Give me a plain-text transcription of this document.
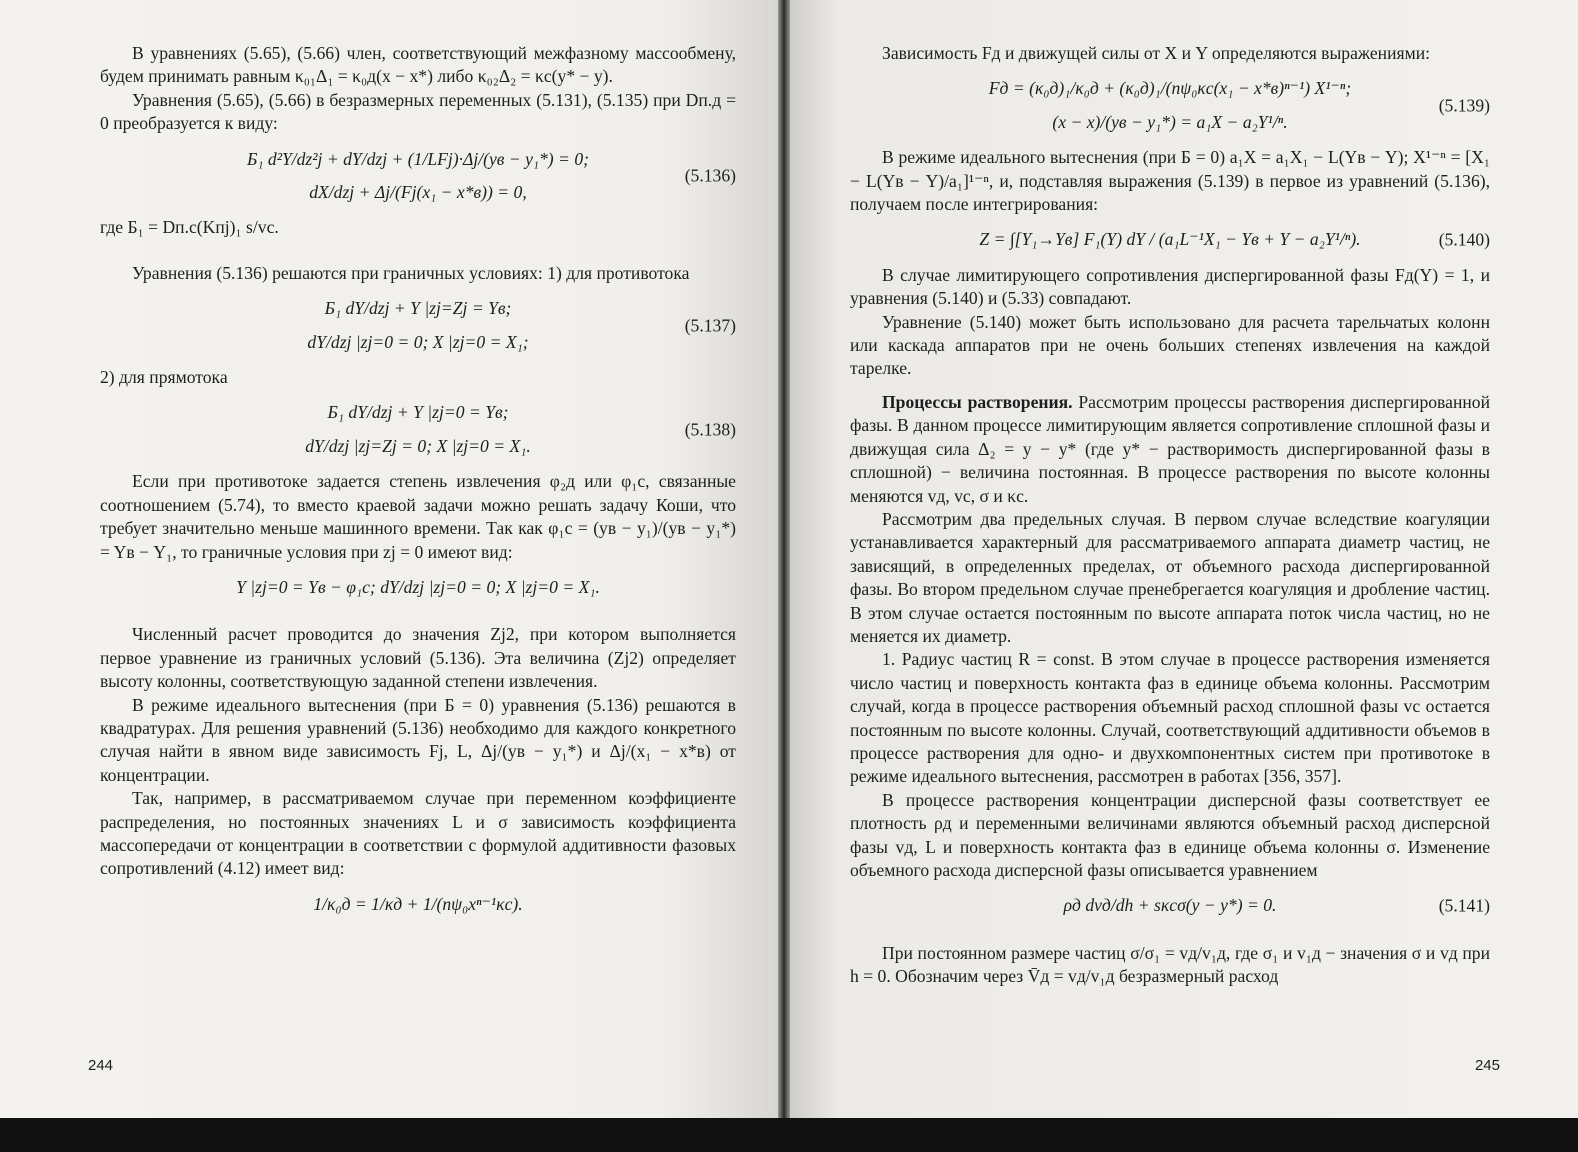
В уравнениях (5.65), (5.66) член, соответствующий межфазному массообмену, будем принимать равным κ₀₁Δ₁ = κ₀д(x − x*) либо κ₀₂Δ₂ = κc(y* − y).

Уравнения (5.65), (5.66) в безразмерных переменных (5.131), (5.135) при Dп.д = 0 преобразуется к виду:

Б₁ d²Y/dz²j + dY/dzj + (1/LFj)·Δj/(yв − y₁*) = 0;
dX/dzj + Δj/(Fj(x₁ − x*в)) = 0,
(5.136)

где Б₁ = Dп.с(Kпj)₁ s/vc.

Уравнения (5.136) решаются при граничных условиях: 1) для противотока

Б₁ dY/dzj + Y |zj=Zj = Yв;
dY/dzj |zj=0 = 0; X |zj=0 = X₁;
(5.137)

2) для прямотока

Б₁ dY/dzj + Y |zj=0 = Yв;
dY/dzj |zj=Zj = 0; X |zj=0 = X₁.
(5.138)

Если при противотоке задается степень извлечения φ₂д или φ₁c, связанные соотношением (5.74), то вместо краевой задачи можно решать задачу Коши, что требует значительно меньше машинного времени. Так как φ₁c = (yв − y₁)/(yв − y₁*) = Yв − Y₁, то граничные условия при zj = 0 имеют вид:

Y |zj=0 = Yв − φ₁c; dY/dzj |zj=0 = 0; X |zj=0 = X₁.

Численный расчет проводится до значения Zj2, при котором выполняется первое уравнение из граничных условий (5.136). Эта величина (Zj2) определяет высоту колонны, соответствующую заданной степени извлечения.

В режиме идеального вытеснения (при Б = 0) уравнения (5.136) решаются в квадратурах. Для решения уравнений (5.136) необходимо для каждого конкретного случая найти в явном виде зависимость Fj, L, Δj/(yв − y₁*) и Δj/(x₁ − x*в) от концентрации.

Так, например, в рассматриваемом случае при переменном коэффициенте распределения, но постоянных значениях L и σ зависимость коэффициента массопередачи от концентрации в соответствии с формулой аддитивности фазовых сопротивлений (4.12) имеет вид:

1/κ₀д = 1/κд + 1/(nψ₀xⁿ⁻¹κc).
244

Зависимость Fд и движущей силы от X и Y определяются выражениями:

Fд = (κ₀д)₁/κ₀д + (κ₀д)₁/(nψ₀κc(x₁ − x*в)ⁿ⁻¹) X¹⁻ⁿ;
(x − x)/(yв − y₁*) = a₁X − a₂Y¹/ⁿ.
(5.139)

В режиме идеального вытеснения (при Б = 0) a₁X = a₁X₁ − L(Yв − Y); X¹⁻ⁿ = [X₁ − L(Yв − Y)/a₁]¹⁻ⁿ, и, подставляя выражения (5.139) в первое из уравнений (5.136), получаем после интегрирования:

Z = ∫[Y₁→Yв] F₁(Y) dY / (a₁L⁻¹X₁ − Yв + Y − a₂Y¹/ⁿ).	(5.140)

В случае лимитирующего сопротивления диспергированной фазы Fд(Y) = 1, и уравнения (5.140) и (5.33) совпадают.

Уравнение (5.140) может быть использовано для расчета тарельчатых колонн или каскада аппаратов при не очень больших степенях извлечения на каждой тарелке.

Процессы растворения. Рассмотрим процессы растворения диспергированной фазы. В данном процессе лимитирующим является сопротивление сплошной фазы и движущая сила Δ₂ = y − y* (где y* − растворимость диспергированной фазы в сплошной) − величина постоянная. В процессе растворения по высоте колонны меняются vд, vc, σ и κc.

Рассмотрим два предельных случая. В первом случае вследствие коагуляции устанавливается характерный для рассматриваемого аппарата диаметр частиц, не зависящий, в определенных пределах, от объемного расхода диспергированной фазы. Во втором предельном случае пренебрегается коагуляция и дробление частиц. В этом случае остается постоянным по высоте аппарата поток числа частиц, но не меняется их диаметр.

1. Радиус частиц R = const. В этом случае в процессе растворения изменяется число частиц и поверхность контакта фаз в единице объема колонны. Рассмотрим случай, когда в процессе растворения объемный расход сплошной фазы vc остается постоянным по высоте колонны. Случай, соответствующий аддитивности объемов в процессе растворения для одно- и двухкомпонентных систем при противотоке в режиме идеального вытеснения, рассмотрен в работах [356, 357].

В процессе растворения концентрации дисперсной фазы соответствует ее плотность ρд и переменными величинами являются объемный расход дисперсной фазы vд, L и поверхность контакта фаз в единице объема колонны σ. Изменение объемного расхода дисперсной фазы описывается уравнением

ρд dvд/dh + sκcσ(y − y*) = 0.	(5.141)

При постоянном размере частиц σ/σ₁ = vд/v₁д, где σ₁ и v₁д − значения σ и vд при h = 0. Обозначим через V̄д = vд/v₁д безразмерный расход

245
